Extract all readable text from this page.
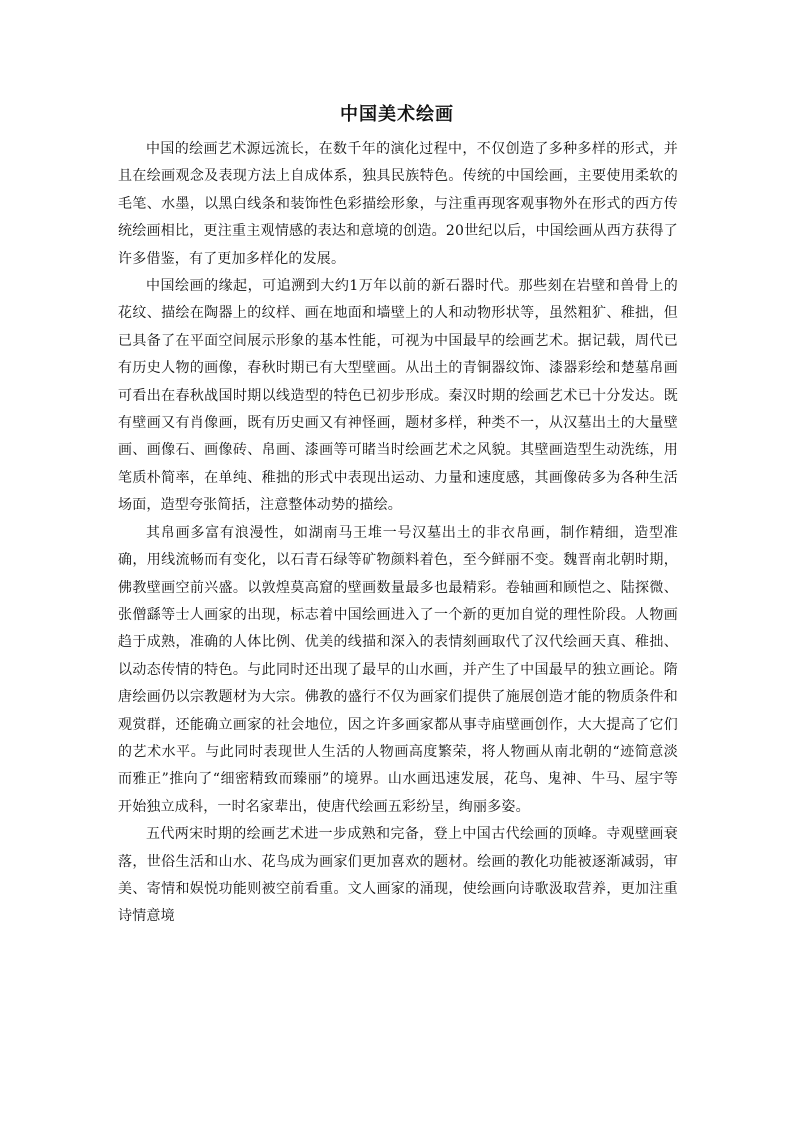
中国美术绘画

中国的绘画艺术源远流长，在数千年的演化过程中，不仅创造了多种多样的形式，并且在绘画观念及表现方法上自成体系，独具民族特色。传统的中国绘画，主要使用柔软的毛笔、水墨，以黑白线条和装饰性色彩描绘形象，与注重再现客观事物外在形式的西方传统绘画相比，更注重主观情感的表达和意境的创造。20世纪以后，中国绘画从西方获得了许多借鉴，有了更加多样化的发展。

中国绘画的缘起，可追溯到大约1万年以前的新石器时代。那些刻在岩壁和兽骨上的花纹、描绘在陶器上的纹样、画在地面和墙壁上的人和动物形状等，虽然粗犷、稚拙，但已具备了在平面空间展示形象的基本性能，可视为中国最早的绘画艺术。据记载，周代已有历史人物的画像，春秋时期已有大型壁画。从出土的青铜器纹饰、漆器彩绘和楚墓帛画可看出在春秋战国时期以线造型的特色已初步形成。秦汉时期的绘画艺术已十分发达。既有壁画又有肖像画，既有历史画又有神怪画，题材多样，种类不一，从汉墓出土的大量壁画、画像石、画像砖、帛画、漆画等可睹当时绘画艺术之风貌。其壁画造型生动洗练，用笔质朴简率，在单纯、稚拙的形式中表现出运动、力量和速度感，其画像砖多为各种生活场面，造型夸张简括，注意整体动势的描绘。

其帛画多富有浪漫性，如湖南马王堆一号汉墓出土的非衣帛画，制作精细，造型准确，用线流畅而有变化，以石青石绿等矿物颜料着色，至今鲜丽不变。魏晋南北朝时期，佛教壁画空前兴盛。以敦煌莫高窟的壁画数量最多也最精彩。卷轴画和顾恺之、陆探微、张僧繇等士人画家的出现，标志着中国绘画进入了一个新的更加自觉的理性阶段。人物画趋于成熟，准确的人体比例、优美的线描和深入的表情刻画取代了汉代绘画天真、稚拙、以动态传情的特色。与此同时还出现了最早的山水画，并产生了中国最早的独立画论。隋唐绘画仍以宗教题材为大宗。佛教的盛行不仅为画家们提供了施展创造才能的物质条件和观赏群，还能确立画家的社会地位，因之许多画家都从事寺庙壁画创作，大大提高了它们的艺术水平。与此同时表现世人生活的人物画高度繁荣，将人物画从南北朝的“迹简意淡而雅正”推向了“细密精致而臻丽”的境界。山水画迅速发展，花鸟、鬼神、牛马、屋宇等开始独立成科，一时名家辈出，使唐代绘画五彩纷呈，绚丽多姿。

五代两宋时期的绘画艺术进一步成熟和完备，登上中国古代绘画的顶峰。寺观壁画衰落，世俗生活和山水、花鸟成为画家们更加喜欢的题材。绘画的教化功能被逐渐减弱，审美、寄情和娱悦功能则被空前看重。文人画家的涌现，使绘画向诗歌汲取营养，更加注重诗情意境
